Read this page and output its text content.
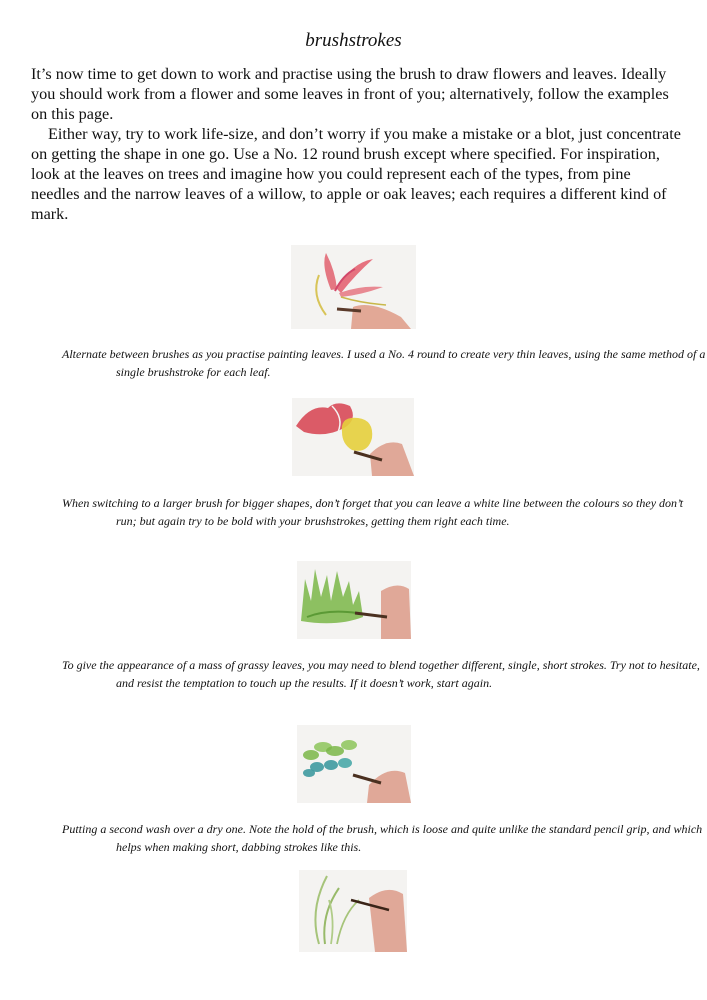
brushstrokes

It’s now time to get down to work and practise using the brush to draw flowers and leaves. Ideally you should work from a flower and some leaves in front of you; alternatively, follow the examples on this page.

Either way, try to work life-size, and don’t worry if you make a mistake or a blot, just concentrate on getting the shape in one go. Use a No. 12 round brush except where specified. For inspiration, look at the leaves on trees and imagine how you could represent each of the types, from pine needles and the narrow leaves of a willow, to apple or oak leaves; each requires a different kind of mark.

Alternate between brushes as you practise painting leaves. I used a No. 4 round to create very thin leaves, using the same method of a single brushstroke for each leaf.
When switching to a larger brush for bigger shapes, don’t forget that you can leave a white line between the colours so they don’t run; but again try to be bold with your brushstrokes, getting them right each time.
To give the appearance of a mass of grassy leaves, you may need to blend together different, single, short strokes. Try not to hesitate, and resist the temptation to touch up the results. If it doesn’t work, start again.
Putting a second wash over a dry one. Note the hold of the brush, which is loose and quite unlike the standard pencil grip, and which helps when making short, dabbing strokes like this.
